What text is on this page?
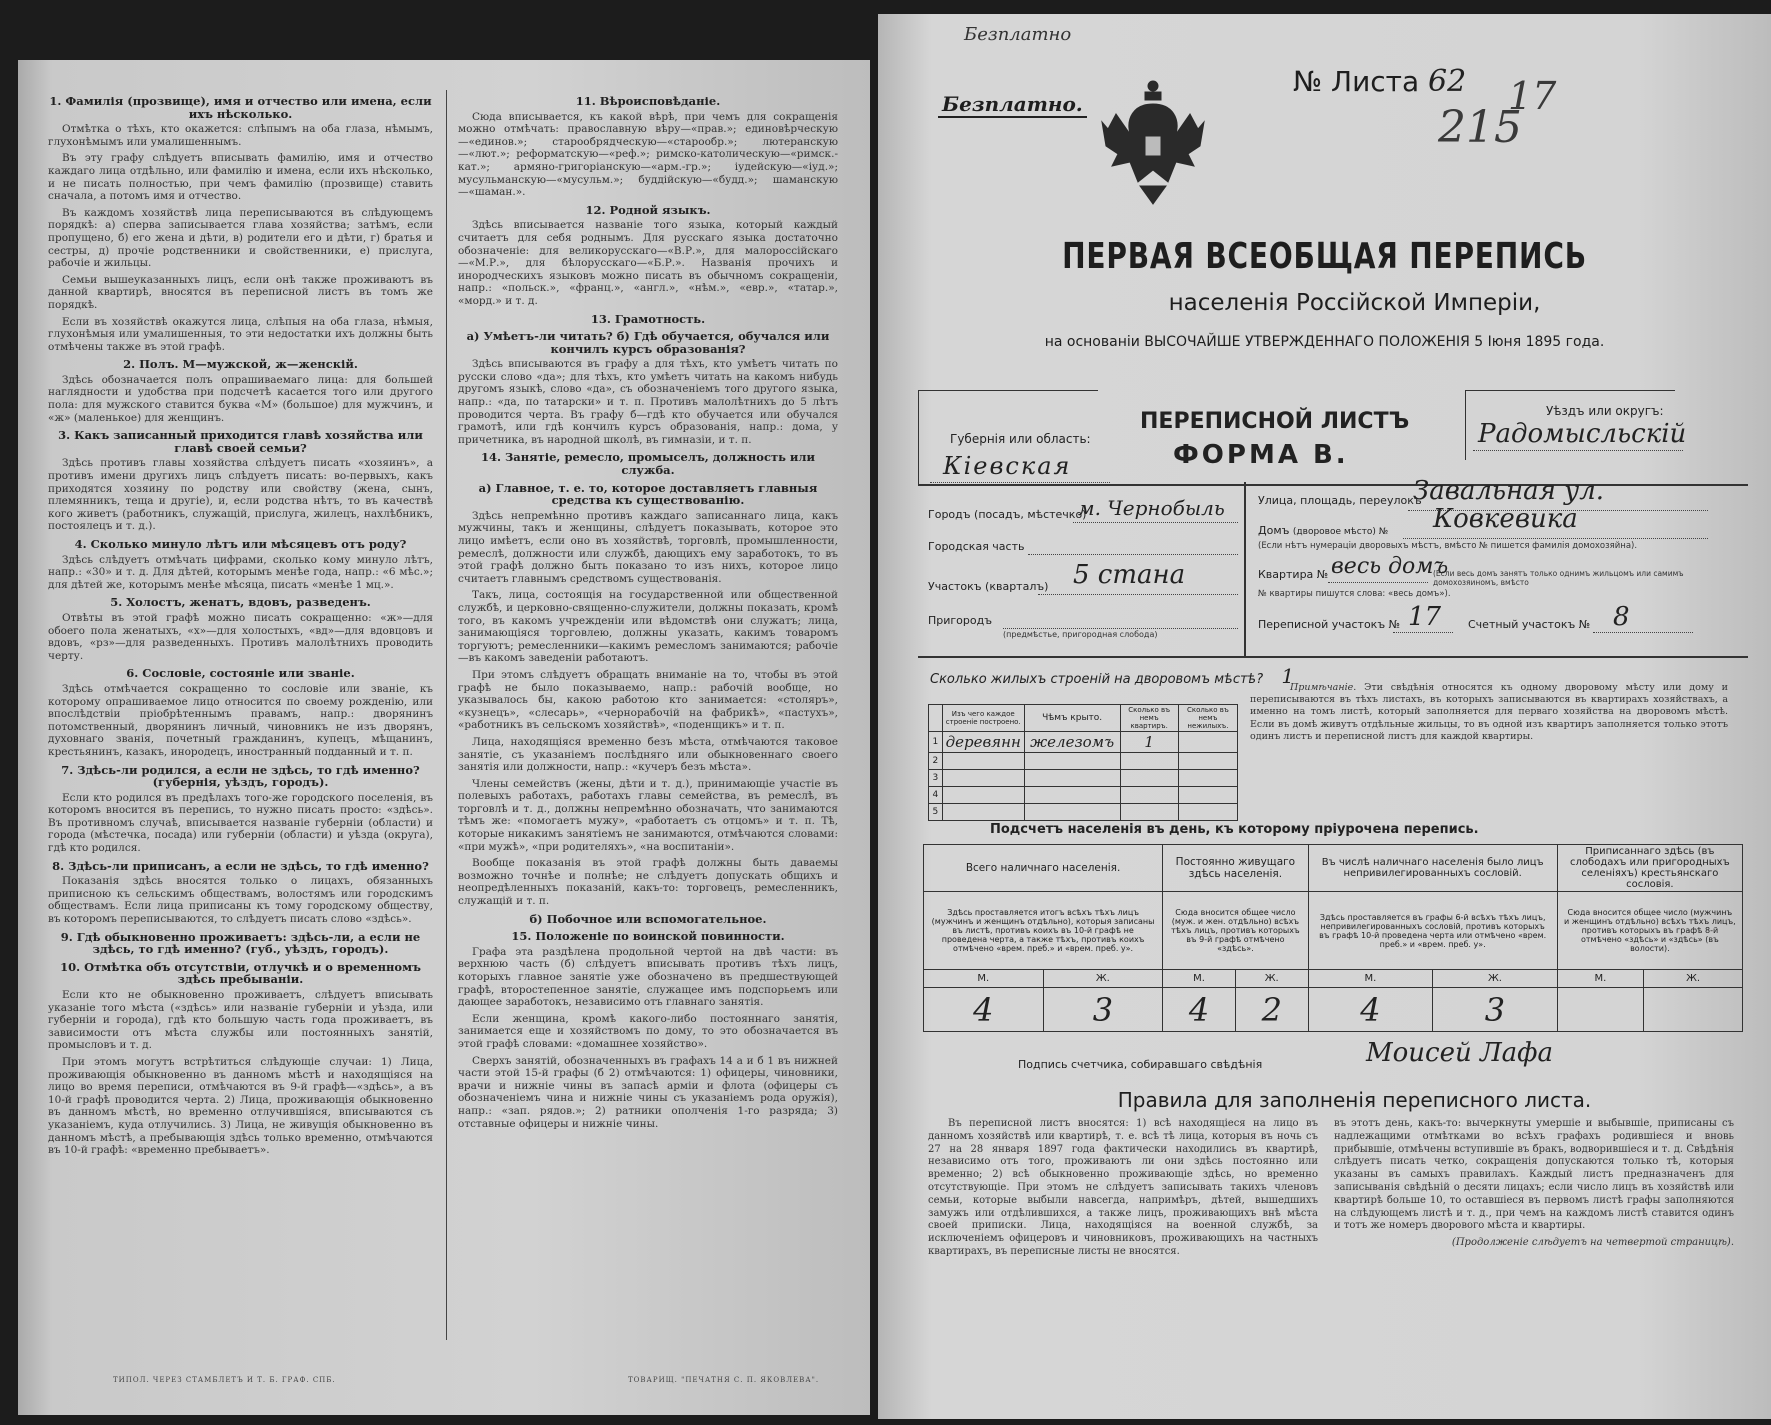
1. Фамилія (прозвище), имя и отчество или имена, если ихъ нѣсколько.

Отмѣтка о тѣхъ, кто окажется: слѣпымъ на оба глаза, нѣмымъ, глухонѣмымъ или умалишеннымъ.

Въ эту графу слѣдуетъ вписывать фамилію, имя и отчество каждаго лица отдѣльно, или фамилію и имена, если ихъ нѣсколько, и не писать полностью, при чемъ фамилію (прозвище) ставить сначала, а потомъ имя и отчество.

Въ каждомъ хозяйствѣ лица переписываются въ слѣдующемъ порядкѣ: а) сперва записывается глава хозяйства; затѣмъ, если пропущено, б) его жена и дѣти, в) родители его и дѣти, г) братья и сестры, д) прочіе родственники и свойственники, е) прислуга, рабочіе и жильцы.

Семьи вышеуказанныхъ лицъ, если онѣ также проживаютъ въ данной квартирѣ, вносятся въ переписной листъ въ томъ же порядкѣ.

Если въ хозяйствѣ окажутся лица, слѣпыя на оба глаза, нѣмыя, глухонѣмыя или умалишенныя, то эти недостатки ихъ должны быть отмѣчены также въ этой графѣ.

2. Полъ. М—мужской, ж—женскій.

Здѣсь обозначается полъ опрашиваемаго лица: для большей наглядности и удобства при подсчетѣ касается того или другого пола: для мужского ставится буква «М» (большое) для мужчинъ, и «ж» (маленькое) для женщинъ.

3. Какъ записанный приходится главѣ хозяйства или главѣ своей семьи?

Здѣсь противъ главы хозяйства слѣдуетъ писать «хозяинъ», а противъ имени другихъ лицъ слѣдуетъ писать: во-первыхъ, какъ приходятся хозяину по родству или свойству (жена, сынъ, племянникъ, теща и другіе), и, если родства нѣтъ, то въ качествѣ кого живетъ (работникъ, служащій, прислуга, жилецъ, нахлѣбникъ, постоялецъ и т. д.).

4. Сколько минуло лѣтъ или мѣсяцевъ отъ роду?

Здѣсь слѣдуетъ отмѣчать цифрами, сколько кому минуло лѣтъ, напр.: «30» и т. д. Для дѣтей, которымъ менѣе года, напр.: «6 мѣс.»; для дѣтей же, которымъ менѣе мѣсяца, писать «менѣе 1 мц.».

5. Холостъ, женатъ, вдовъ, разведенъ.

Отвѣты въ этой графѣ можно писать сокращенно: «ж»—для обоего пола женатыхъ, «х»—для холостыхъ, «вд»—для вдовцовъ и вдовъ, «рз»—для разведенныхъ. Противъ малолѣтнихъ проводить черту.

6. Сословіе, состояніе или званіе.

Здѣсь отмѣчается сокращенно то сословіе или званіе, къ которому опрашиваемое лицо относится по своему рожденію, или впослѣдствіи пріобрѣтеннымъ правамъ, напр.: дворянинъ потомственный, дворянинъ личный, чиновникъ не изъ дворянъ, духовнаго званія, почетный гражданинъ, купецъ, мѣщанинъ, крестьянинъ, казакъ, инородецъ, иностранный подданный и т. п.

7. Здѣсь-ли родился, а если не здѣсь, то гдѣ именно? (губернія, уѣздъ, городъ).

Если кто родился въ предѣлахъ того-же городского поселенія, въ которомъ вносится въ перепись, то нужно писать просто: «здѣсь». Въ противномъ случаѣ, вписывается названіе губерніи (области) и города (мѣстечка, посада) или губерніи (области) и уѣзда (округа), гдѣ кто родился.

8. Здѣсь-ли приписанъ, а если не здѣсь, то гдѣ именно?

Показанія здѣсь вносятся только о лицахъ, обязанныхъ приписною къ сельскимъ обществамъ, волостямъ или городскимъ обществамъ. Если лица приписаны къ тому городскому обществу, въ которомъ переписываются, то слѣдуетъ писать слово «здѣсь».

9. Гдѣ обыкновенно проживаетъ: здѣсь-ли, а если не здѣсь, то гдѣ именно? (губ., уѣздъ, городъ).
10. Отмѣтка объ отсутствіи, отлучкѣ и о временномъ здѣсь пребываніи.

Если кто не обыкновенно проживаетъ, слѣдуетъ вписывать указаніе того мѣста («здѣсь» или названіе губерніи и уѣзда, или губерніи и города), гдѣ кто большую часть года проживаетъ, въ зависимости отъ мѣста службы или постоянныхъ занятій, промысловъ и т. д.

При этомъ могутъ встрѣтиться слѣдующіе случаи: 1) Лица, проживающія обыкновенно въ данномъ мѣстѣ и находящіяся на лицо во время переписи, отмѣчаются въ 9-й графѣ—«здѣсь», а въ 10-й графѣ проводится черта. 2) Лица, проживающія обыкновенно въ данномъ мѣстѣ, но временно отлучившіяся, вписываются съ указаніемъ, куда отлучились. 3) Лица, не живущія обыкновенно въ данномъ мѣстѣ, а пребывающія здѣсь только временно, отмѣчаются въ 10-й графѣ: «временно пребываетъ».

11. Вѣроисповѣданіе.

Сюда вписывается, къ какой вѣрѣ, при чемъ для сокращенія можно отмѣчать: православную вѣру—«прав.»; единовѣрческую—«единов.»; старообрядческую—«старообр.»; лютеранскую—«лют.»; реформатскую—«реф.»; римско-католическую—«римск.-кат.»; армяно-григоріанскую—«арм.-гр.»; іудейскую—«іуд.»; мусульманскую—«мусульм.»; буддійскую—«будд.»; шаманскую—«шаман.».

12. Родной языкъ.

Здѣсь вписывается названіе того языка, который каждый считаетъ для себя роднымъ. Для русскаго языка достаточно обозначеніе: для великорусскаго—«В.Р.», для малороссійскаго—«М.Р.», для бѣлорусскаго—«Б.Р.». Названія прочихъ и инородческихъ языковъ можно писать въ обычномъ сокращеніи, напр.: «польск.», «франц.», «англ.», «нѣм.», «евр.», «татар.», «морд.» и т. д.

13. Грамотность.
а) Умѣетъ-ли читать? б) Гдѣ обучается, обучался или кончилъ курсъ образованія?

Здѣсь вписываются въ графу а для тѣхъ, кто умѣетъ читать по русски слово «да»; для тѣхъ, кто умѣетъ читать на какомъ нибудь другомъ языкѣ, слово «да», съ обозначеніемъ того другого языка, напр.: «да, по татарски» и т. п. Противъ малолѣтнихъ до 5 лѣтъ проводится черта. Въ графу б—гдѣ кто обучается или обучался грамотѣ, или гдѣ кончилъ курсъ образованія, напр.: дома, у причетника, въ народной школѣ, въ гимназіи, и т. п.

14. Занятіе, ремесло, промыселъ, должность или служба.
а) Главное, т. е. то, которое доставляетъ главныя средства къ существованію.

Здѣсь непремѣнно противъ каждаго записаннаго лица, какъ мужчины, такъ и женщины, слѣдуетъ показывать, которое это лицо имѣетъ, если оно въ хозяйствѣ, торговлѣ, промышленности, ремеслѣ, должности или службѣ, дающихъ ему заработокъ, то въ этой графѣ должно быть показано то изъ нихъ, которое лицо считаетъ главнымъ средствомъ существованія.

Такъ, лица, состоящія на государственной или общественной службѣ, и церковно-священно-служители, должны показать, кромѣ того, въ какомъ учрежденіи или вѣдомствѣ они служатъ; лица, занимающіяся торговлею, должны указать, какимъ товаромъ торгуютъ; ремесленники—какимъ ремесломъ занимаются; рабочіе—въ какомъ заведеніи работаютъ.

При этомъ слѣдуетъ обращать вниманіе на то, чтобы въ этой графѣ не было показываемо, напр.: рабочій вообще, но указывалось бы, какою работою кто занимается: «столяръ», «кузнецъ», «слесарь», «чернорабочій на фабрикѣ», «пастухъ», «работникъ въ сельскомъ хозяйствѣ», «поденщикъ» и т. п.

Лица, находящіяся временно безъ мѣста, отмѣчаются таковое занятіе, съ указаніемъ послѣдняго или обыкновеннаго своего занятія или должности, напр.: «кучеръ безъ мѣста».

Члены семействъ (жены, дѣти и т. д.), принимающіе участіе въ полевыхъ работахъ, работахъ главы семейства, въ ремеслѣ, въ торговлѣ и т. д., должны непремѣнно обозначать, что занимаются тѣмъ же: «помогаетъ мужу», «работаетъ съ отцомъ» и т. п. Тѣ, которые никакимъ занятіемъ не занимаются, отмѣчаются словами: «при мужѣ», «при родителяхъ», «на воспитаніи».

Вообще показанія въ этой графѣ должны быть даваемы возможно точнѣе и полнѣе; не слѣдуетъ допускать общихъ и неопредѣленныхъ показаній, какъ-то: торговецъ, ремесленникъ, служащій и т. п.

б) Побочное или вспомогательное.
15. Положеніе по воинской повинности.

Графа эта раздѣлена продольной чертой на двѣ части: въ верхнюю часть (б) слѣдуетъ вписывать противъ тѣхъ лицъ, которыхъ главное занятіе уже обозначено въ предшествующей графѣ, второстепенное занятіе, служащее имъ подспорьемъ или дающее заработокъ, независимо отъ главнаго занятія.

Если женщина, кромѣ какого-либо постояннаго занятія, занимается еще и хозяйствомъ по дому, то это обозначается въ этой графѣ словами: «домашнее хозяйство».

Сверхъ занятій, обозначенныхъ въ графахъ 14 а и б 1 въ нижней части этой 15-й графы (б 2) отмѣчаются: 1) офицеры, чиновники, врачи и нижніе чины въ запасѣ арміи и флота (офицеры съ обозначеніемъ чина и нижніе чины съ указаніемъ рода оружія), напр.: «зап. рядов.»; 2) ратники ополченія 1-го разряда; 3) отставные офицеры и нижніе чины.

ТИПОЛ. ЧЕРЕЗ СТАМБЛЕТЪ И Т. Б. ГРАФ. СПБ.	ТОВАРИЩ. "ПЕЧАТНЯ С. П. ЯКОВЛЕВА".
Безплатно
Безплатно.
№ Листа 62
215
17
ПЕРВАЯ ВСЕОБЩАЯ ПЕРЕПИСЬ
населенія Россійской Имперіи,
на основаніи ВЫСОЧАЙШЕ УТВЕРЖДЕННАГО ПОЛОЖЕНІЯ 5 Іюня 1895 года.
Губернія или область:
Кіевская
ПЕРЕПИСНОЙ ЛИСТЪ
ФОРМА В.
Уѣздъ или округъ:
Радомысльскій
Городъ (посадъ, мѣстечко)
м. Чернобыль
Городская часть
Участокъ (кварталъ) 5 стана
Пригородъ
(предмѣстье, пригородная слобода)
Улица, площадь, переулокъ
Завальная ул.
Домъ (дворовое мѣсто) № Ковкевика
(Если нѣтъ нумераціи дворовыхъ мѣстъ, вмѣсто № пишется фамилія домохозяйна).
Квартира № весь домъ
(Если весь домъ занятъ только однимъ жильцомъ или самимъ домохозяиномъ, вмѣсто
№ квартиры пишутся слова: «весь домъ»).
Переписной участокъ № 17 Счетный участокъ № 8
Сколько жилыхъ строеній на дворовомъ мѣстѣ? 1
	Изъ чего каждое строеніе построено.	Чѣмъ крыто.	Сколько въ немъ квартиръ.	Сколько въ немъ нежилыхъ.
1	деревянн	железомъ	1	
2				
3				
4				
5				
Примѣчаніе. Эти свѣдѣнія относятся къ одному дворовому мѣсту или дому и переписываются въ тѣхъ листахъ, въ которыхъ записываются въ квартирахъ хозяйствахъ, а именно на томъ листѣ, который заполняется для перваго хозяйства на дворовомъ мѣстѣ. Если въ домѣ живутъ отдѣльные жильцы, то въ одной изъ квартиръ заполняется только этотъ одинъ листъ и переписной листъ для каждой квартиры.
Подсчетъ населенія въ день, къ которому пріурочена перепись.
Всего наличнаго населенія.		Постоянно живущаго здѣсь населенія.		Въ числѣ наличнаго населенія было лицъ непривилегированныхъ сословій.		Приписаннаго здѣсь (въ слободахъ или пригородныхъ селеніяхъ) крестьянскаго сословія.	
Здѣсь проставляется итогъ всѣхъ тѣхъ лицъ (мужчинъ и женщинъ отдѣльно), которыя записаны въ листѣ, противъ коихъ въ 10-й графѣ не проведена черта, а также тѣхъ, противъ коихъ отмѣчено «врем. преб.» и «врем. преб. у».		Сюда вносится общее число (муж. и жен. отдѣльно) всѣхъ тѣхъ лицъ, противъ которыхъ въ 9-й графѣ отмѣчено «здѣсь».		Здѣсь проставляется въ графы 6-й всѣхъ тѣхъ лицъ, непривилегированныхъ сословій, противъ которыхъ въ графѣ 10-й проведена черта или отмѣчено «врем. преб.» и «врем. преб. у».		Сюда вносится общее число (мужчинъ и женщинъ отдѣльно) всѣхъ тѣхъ лицъ, противъ которыхъ въ графѣ 8-й отмѣчено «здѣсь» и «здѣсь» (въ волости).	
М.	Ж.	М.	Ж.	М.	Ж.	М.	Ж.
4	3	4	2	4	3		
Подпись счетчика, собиравшаго свѣдѣнія	Моисей Лафа
Правила для заполненія переписного листа.
Въ переписной листъ вносятся: 1) всѣ находящіеся на лицо въ данномъ хозяйствѣ или квартирѣ, т. е. всѣ тѣ лица, которыя въ ночь съ 27 на 28 января 1897 года фактически находились въ квартирѣ, независимо отъ того, проживаютъ ли они здѣсь постоянно или временно; 2) всѣ обыкновенно проживающіе здѣсь, но временно отсутствующіе. При этомъ не слѣдуетъ записывать такихъ членовъ семьи, которые выбыли навсегда, напримѣръ, дѣтей, вышедшихъ замужъ или отдѣлившихся, а также лицъ, проживающихъ внѣ мѣста своей приписки. Лица, находящіяся на военной службѣ, за исключеніемъ офицеровъ и чиновниковъ, проживающихъ на частныхъ квартирахъ, въ переписные листы не вносятся.
въ этотъ день, какъ-то: вычеркнуты умершіе и выбывшіе, приписаны съ надлежащими отмѣтками во всѣхъ графахъ родившіеся и вновь прибывшіе, отмѣчены вступившіе въ бракъ, водворившіеся и т. д. Свѣдѣнія слѣдуетъ писать четко, сокращенія допускаются только тѣ, которыя указаны въ самыхъ правилахъ. Каждый листъ предназначенъ для записыванія свѣдѣній о десяти лицахъ; если число лицъ въ хозяйствѣ или квартирѣ больше 10, то оставшіеся въ первомъ листѣ графы заполняются на слѣдующемъ листѣ и т. д., при чемъ на каждомъ листѣ ставится одинъ и тотъ же номеръ дворового мѣста и квартиры.
(Продолженіе слѣдуетъ на четвертой страницѣ).
